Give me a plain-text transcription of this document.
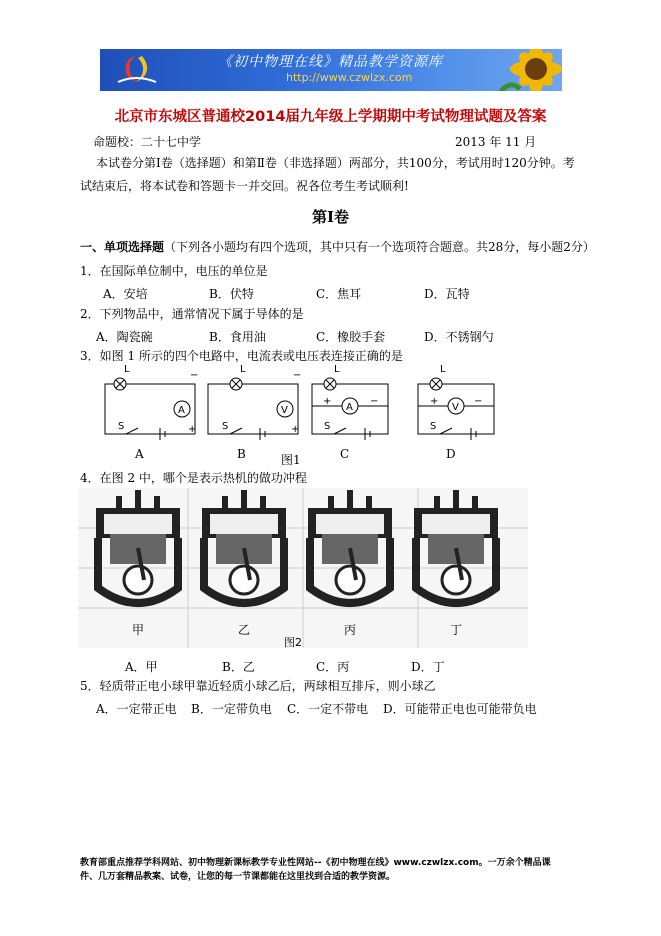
《初中物理在线》精品教学资源库
http://www.czwlzx.com
北京市东城区普通校2014届九年级上学期期中考试物理试题及答案
命题校：二十七中学	2013 年 11 月
本试卷分第Ⅰ卷（选择题）和第Ⅱ卷（非选择题）两部分，共100分，考试用时120分钟。考
试结束后，将本试卷和答题卡一并交回。祝各位考生考试顺利!
第Ⅰ卷
一、单项选择题（下列各小题均有四个选项，其中只有一个选项符合题意。共28分，每小题2分）
1．在国际单位制中，电压的单位是
A．安培	B．伏特	C．焦耳	D．瓦特
2．下列物品中，通常情况下属于导体的是
A．陶瓷碗	B．食用油	C．橡胶手套	D．不锈钢勺
3．如图 1 所示的四个电路中，电流表或电压表连接正确的是
L
−
A
+
S
L
−
V
+
S
L
+
A
−
S
L
+
V
−
S
A	B	图1	C	D
4．在图 2 中，哪个是表示热机的做功冲程
甲	乙	丙	丁
图2
A．甲	B．乙	C．丙	D．丁
5．轻质带正电小球甲靠近轻质小球乙后，两球相互排斥，则小球乙
A．一定带正电 B．一定带负电 C．一定不带电 D．可能带正电也可能带负电
教育部重点推荐学科网站、初中物理新课标教学专业性网站--《初中物理在线》www.czwlzx.com。一万余个精品课
件、几万套精品教案、试卷，让您的每一节课都能在这里找到合适的教学资源。
